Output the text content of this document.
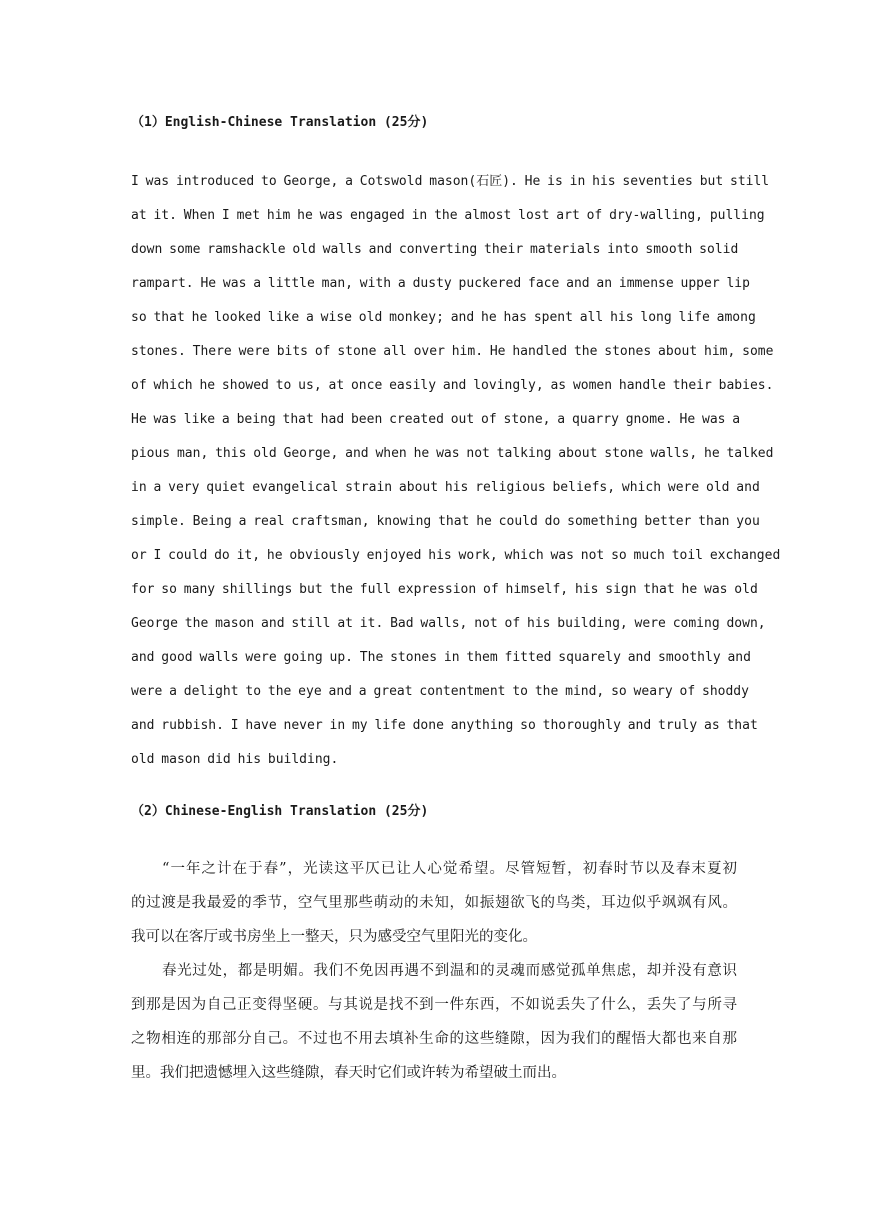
（1）English-Chinese Translation (25分)
I was introduced to George, a Cotswold mason(石匠). He is in his seventies but still
at it. When I met him he was engaged in the almost lost art of dry-walling, pulling
down some ramshackle old walls and converting their materials into smooth solid
rampart. He was a little man, with a dusty puckered face and an immense upper lip
so that he looked like a wise old monkey; and he has spent all his long life among
stones. There were bits of stone all over him. He handled the stones about him, some
of which he showed to us, at once easily and lovingly, as women handle their babies.
He was like a being that had been created out of stone, a quarry gnome. He was a
pious man, this old George, and when he was not talking about stone walls, he talked
in a very quiet evangelical strain about his religious beliefs, which were old and
simple. Being a real craftsman, knowing that he could do something better than you
or I could do it, he obviously enjoyed his work, which was not so much toil exchanged
for so many shillings but the full expression of himself, his sign that he was old
George the mason and still at it. Bad walls, not of his building, were coming down,
and good walls were going up. The stones in them fitted squarely and smoothly and
were a delight to the eye and a great contentment to the mind, so weary of shoddy
and rubbish. I have never in my life done anything so thoroughly and truly as that
old mason did his building.
（2）Chinese-English Translation (25分)
“一年之计在于春”，光读这平仄已让人心觉希望。尽管短暂，初春时节以及春末夏初
的过渡是我最爱的季节，空气里那些萌动的未知，如振翅欲飞的鸟类，耳边似乎飒飒有风。
我可以在客厅或书房坐上一整天，只为感受空气里阳光的变化。
春光过处，都是明媚。我们不免因再遇不到温和的灵魂而感觉孤单焦虑，却并没有意识
到那是因为自己正变得坚硬。与其说是找不到一件东西，不如说丢失了什么，丢失了与所寻
之物相连的那部分自己。不过也不用去填补生命的这些缝隙，因为我们的醒悟大都也来自那
里。我们把遗憾埋入这些缝隙，春天时它们或许转为希望破土而出。
